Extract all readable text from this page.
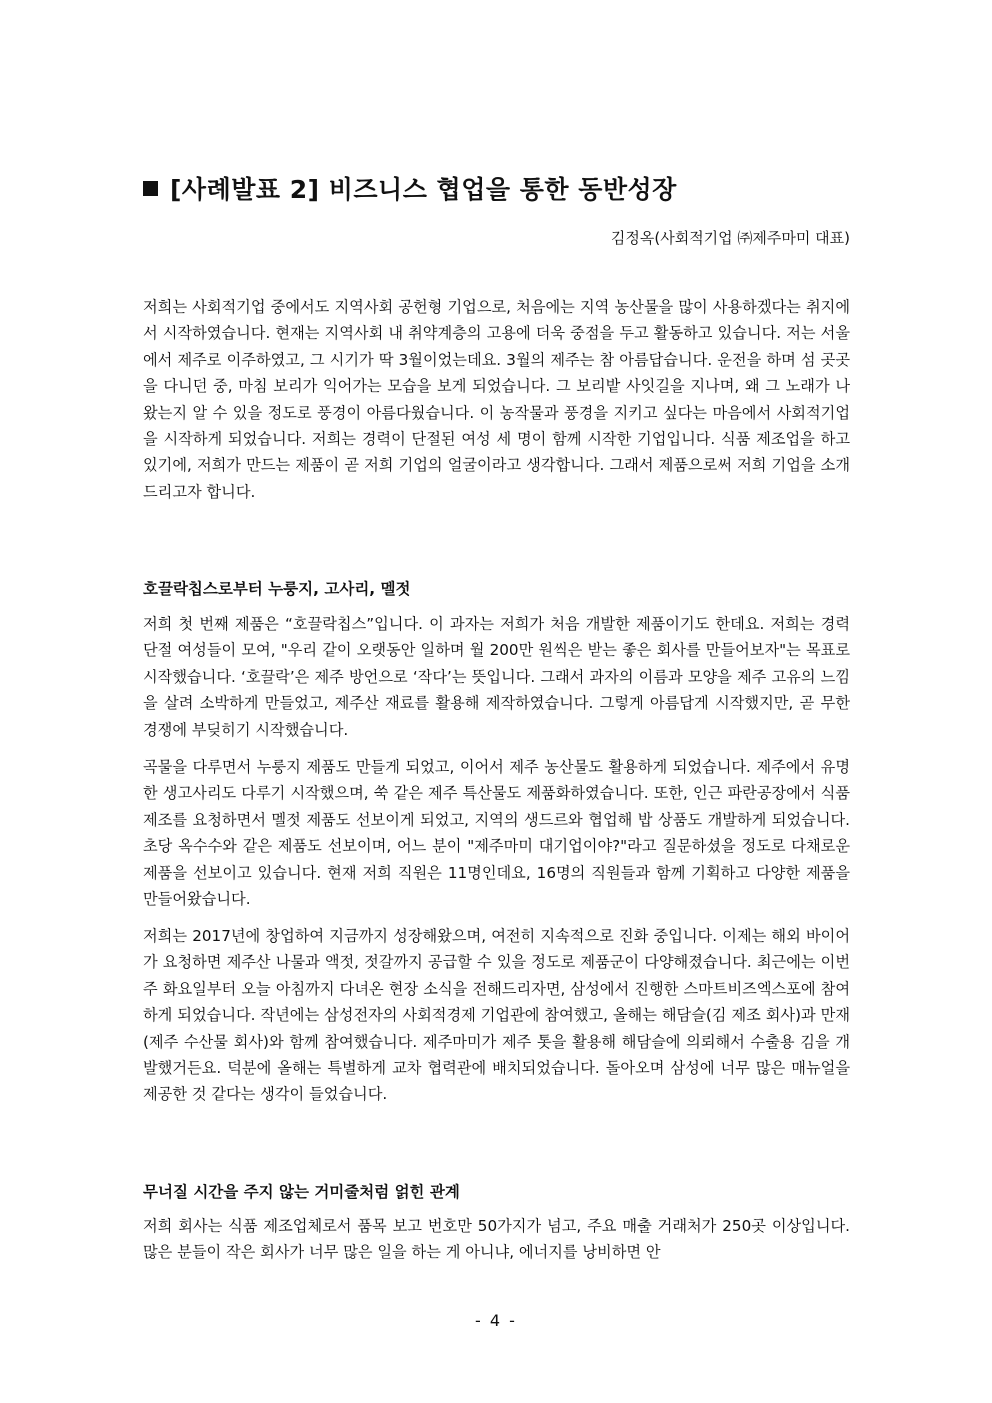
[사례발표 2] 비즈니스 협업을 통한 동반성장
김정옥(사회적기업 ㈜제주마미 대표)

저희는 사회적기업 중에서도 지역사회 공헌형 기업으로, 처음에는 지역 농산물을 많이 사용하겠다는 취지에서 시작하였습니다. 현재는 지역사회 내 취약계층의 고용에 더욱 중점을 두고 활동하고 있습니다. 저는 서울에서 제주로 이주하였고, 그 시기가 딱 3월이었는데요. 3월의 제주는 참 아름답습니다. 운전을 하며 섬 곳곳을 다니던 중, 마침 보리가 익어가는 모습을 보게 되었습니다. 그 보리밭 사잇길을 지나며, 왜 그 노래가 나왔는지 알 수 있을 정도로 풍경이 아름다웠습니다. 이 농작물과 풍경을 지키고 싶다는 마음에서 사회적기업을 시작하게 되었습니다. 저희는 경력이 단절된 여성 세 명이 함께 시작한 기업입니다. 식품 제조업을 하고 있기에, 저희가 만드는 제품이 곧 저희 기업의 얼굴이라고 생각합니다. 그래서 제품으로써 저희 기업을 소개드리고자 합니다.

호끌락칩스로부터 누룽지, 고사리, 멜젓

저희 첫 번째 제품은 “호끌락칩스”입니다. 이 과자는 저희가 처음 개발한 제품이기도 한데요. 저희는 경력 단절 여성들이 모여, "우리 같이 오랫동안 일하며 월 200만 원씩은 받는 좋은 회사를 만들어보자"는 목표로 시작했습니다. ‘호끌락’은 제주 방언으로 ‘작다’는 뜻입니다. 그래서 과자의 이름과 모양을 제주 고유의 느낌을 살려 소박하게 만들었고, 제주산 재료를 활용해 제작하였습니다. 그렇게 아름답게 시작했지만, 곧 무한 경쟁에 부딪히기 시작했습니다.

곡물을 다루면서 누룽지 제품도 만들게 되었고, 이어서 제주 농산물도 활용하게 되었습니다. 제주에서 유명한 생고사리도 다루기 시작했으며, 쑥 같은 제주 특산물도 제품화하였습니다. 또한, 인근 파란공장에서 식품 제조를 요청하면서 멜젓 제품도 선보이게 되었고, 지역의 생드르와 협업해 밥 상품도 개발하게 되었습니다. 초당 옥수수와 같은 제품도 선보이며, 어느 분이 "제주마미 대기업이야?"라고 질문하셨을 정도로 다채로운 제품을 선보이고 있습니다. 현재 저희 직원은 11명인데요, 16명의 직원들과 함께 기획하고 다양한 제품을 만들어왔습니다.

저희는 2017년에 창업하여 지금까지 성장해왔으며, 여전히 지속적으로 진화 중입니다. 이제는 해외 바이어가 요청하면 제주산 나물과 액젓, 젓갈까지 공급할 수 있을 정도로 제품군이 다양해졌습니다. 최근에는 이번 주 화요일부터 오늘 아침까지 다녀온 현장 소식을 전해드리자면, 삼성에서 진행한 스마트비즈엑스포에 참여하게 되었습니다. 작년에는 삼성전자의 사회적경제 기업관에 참여했고, 올해는 해담슬(김 제조 회사)과 만재(제주 수산물 회사)와 함께 참여했습니다. 제주마미가 제주 톳을 활용해 해담슬에 의뢰해서 수출용 김을 개발했거든요. 덕분에 올해는 특별하게 교차 협력관에 배치되었습니다. 돌아오며 삼성에 너무 많은 매뉴얼을 제공한 것 같다는 생각이 들었습니다.

무너질 시간을 주지 않는 거미줄처럼 얽힌 관계

저희 회사는 식품 제조업체로서 품목 보고 번호만 50가지가 넘고, 주요 매출 거래처가 250곳 이상입니다. 많은 분들이 작은 회사가 너무 많은 일을 하는 게 아니냐, 에너지를 낭비하면 안

- 4 -
